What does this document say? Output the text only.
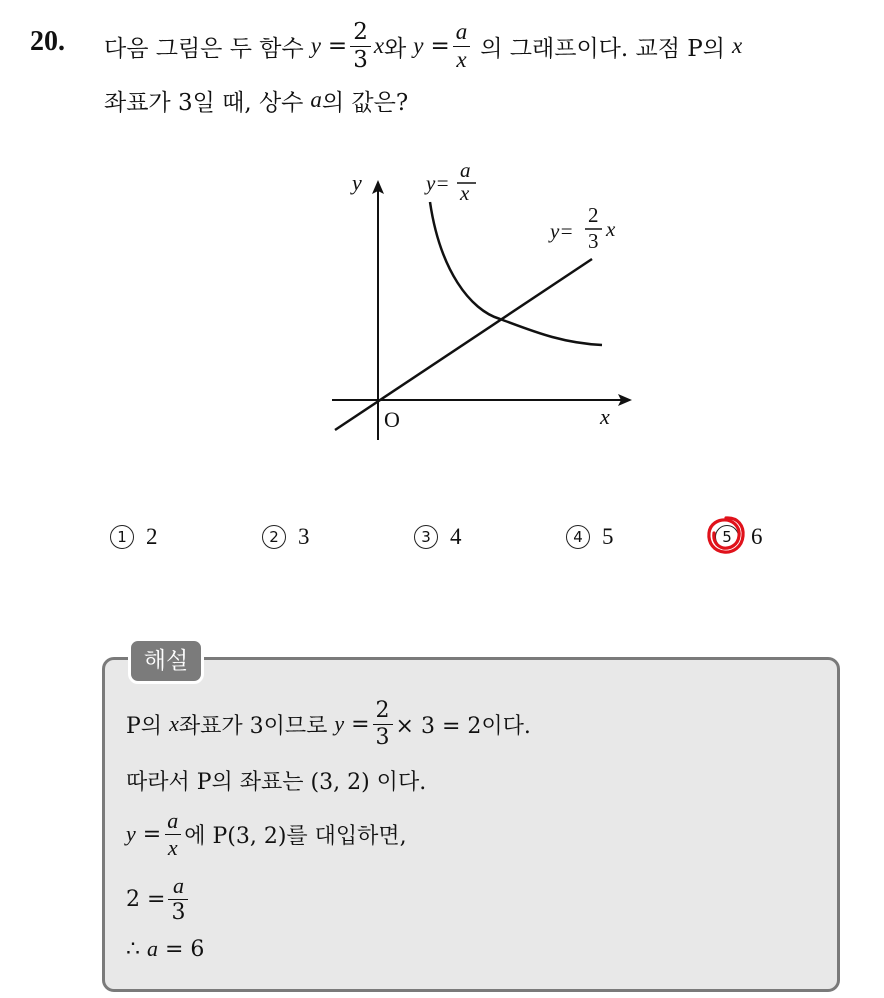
20. 다음 그림은 두 함수 $y = \frac{2}{3}$ x 와 $y = \frac{a}{x}$ 의 그래프이다. 교점 P의 x
좌표가 3일 때, 상수 a 의 값은?
y
x
O
y=
a
x
y=
2
3 x
1 2	2 3	3 4	4 5	5 6
해설
P의 x 좌표가 3이므로 $y = \frac{2}{3} \times 3 = 2$이다.
따라서 P의 좌표는 (3, 2) 이다.
$y = \frac{a}{x}$ 에 P(3, 2)를 대입하면,
$2 = \frac{a}{3}$
∴ a = 6
